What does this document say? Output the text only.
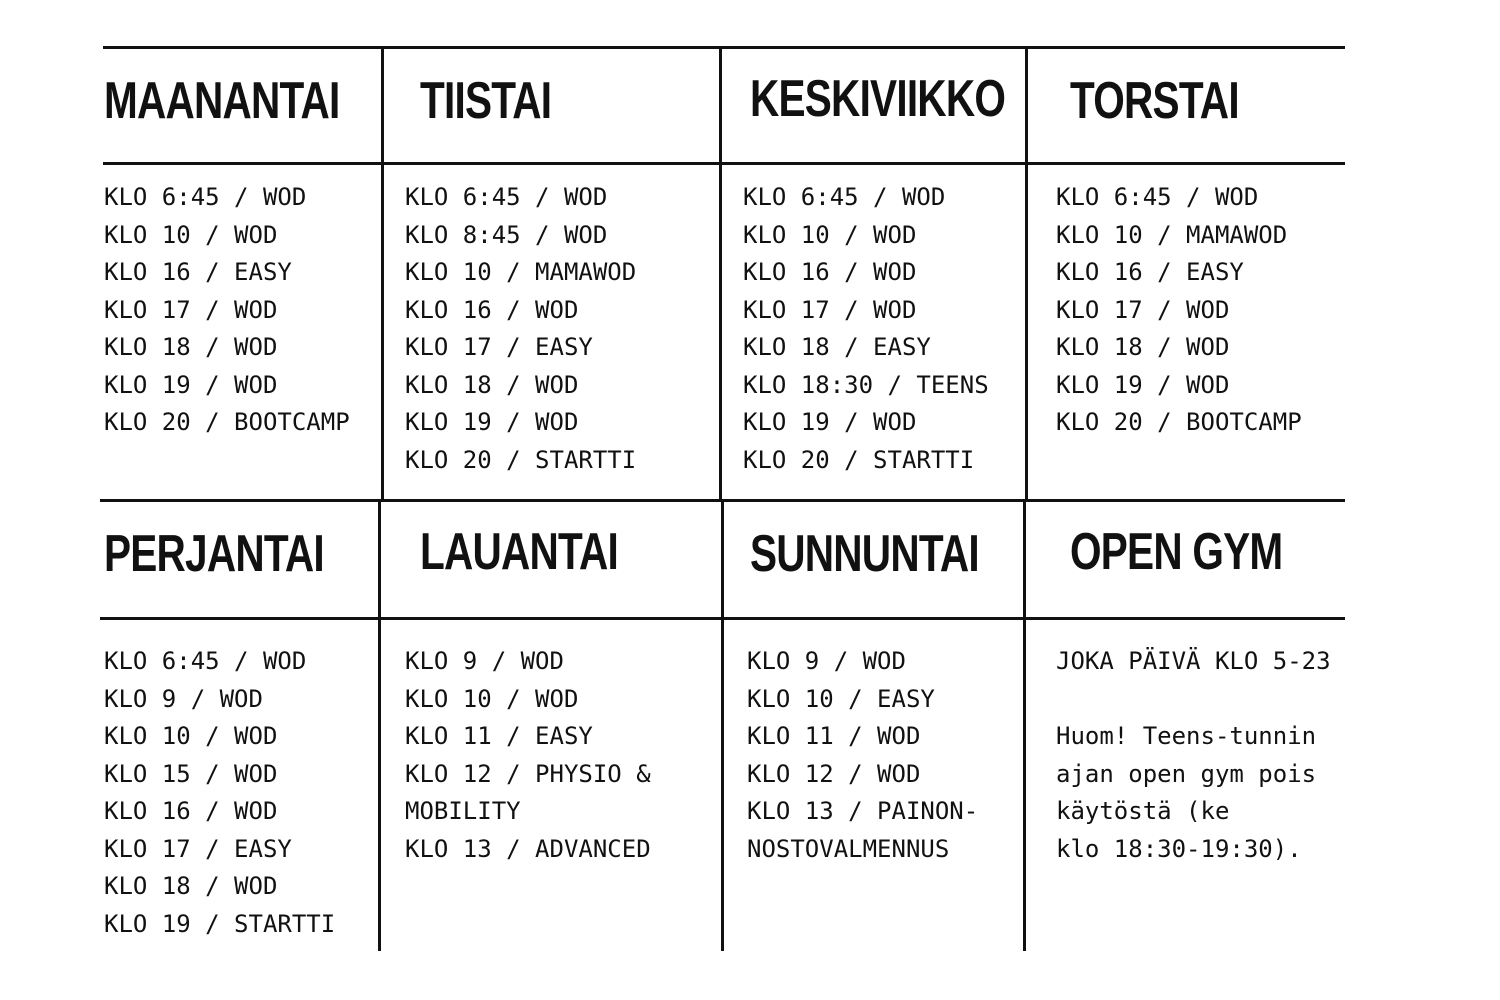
MAANANTAI
KLO 6:45 / WOD
KLO 10 / WOD
KLO 16 / EASY
KLO 17 / WOD
KLO 18 / WOD
KLO 19 / WOD
KLO 20 / BOOTCAMP
TIISTAI
KLO 6:45 / WOD
KLO 8:45 / WOD
KLO 10 / MAMAWOD
KLO 16 / WOD
KLO 17 / EASY
KLO 18 / WOD
KLO 19 / WOD
KLO 20 / STARTTI
KESKIVIIKKO
KLO 6:45 / WOD
KLO 10 / WOD
KLO 16 / WOD
KLO 17 / WOD
KLO 18 / EASY
KLO 18:30 / TEENS
KLO 19 / WOD
KLO 20 / STARTTI
TORSTAI
KLO 6:45 / WOD
KLO 10 / MAMAWOD
KLO 16 / EASY
KLO 17 / WOD
KLO 18 / WOD
KLO 19 / WOD
KLO 20 / BOOTCAMP
PERJANTAI
KLO 6:45 / WOD
KLO 9 / WOD
KLO 10 / WOD
KLO 15 / WOD
KLO 16 / WOD
KLO 17 / EASY
KLO 18 / WOD
KLO 19 / STARTTI
LAUANTAI
KLO 9 / WOD
KLO 10 / WOD
KLO 11 / EASY
KLO 12 / PHYSIO &
MOBILITY
KLO 13 / ADVANCED
SUNNUNTAI
KLO 9 / WOD
KLO 10 / EASY
KLO 11 / WOD
KLO 12 / WOD
KLO 13 / PAINON-
NOSTOVALMENNUS
OPEN GYM
JOKA PÄIVÄ KLO 5-23
Huom! Teens-tunnin
ajan open gym pois
käytöstä (ke
klo 18:30-19:30).
